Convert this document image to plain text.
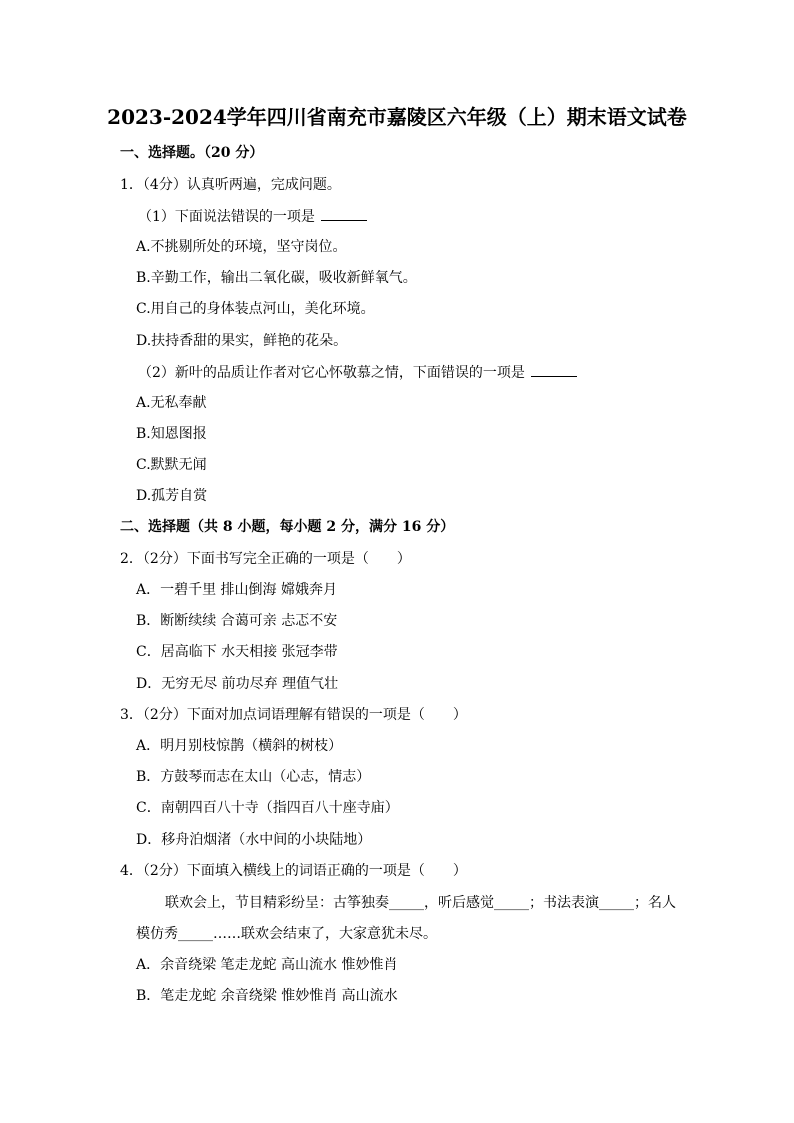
2023-2024学年四川省南充市嘉陵区六年级（上）期末语文试卷
一、选择题。（20 分）
1．（4分）认真听两遍，完成问题。
（1）下面说法错误的一项是
A.不挑剔所处的环境，坚守岗位。
B.辛勤工作，输出二氧化碳，吸收新鲜氧气。
C.用自己的身体装点河山，美化环境。
D.扶持香甜的果实，鲜艳的花朵。
（2）新叶的品质让作者对它心怀敬慕之情，下面错误的一项是
A.无私奉献
B.知恩图报
C.默默无闻
D.孤芳自赏
二、选择题（共 8 小题，每小题 2 分，满分 16 分）
2．（2分）下面书写完全正确的一项是（　　）
A．一碧千里 排山倒海 嫦娥奔月
B．断断续续 合蔼可亲 忐忑不安
C．居高临下 水天相接 张冠李带
D．无穷无尽 前功尽弃 理值气壮
3．（2分）下面对加点词语理解有错误的一项是（　　）
A．明月别枝惊鹊（横斜的树枝）
B．方鼓琴而志在太山（心志，情志）
C．南朝四百八十寺（指四百八十座寺庙）
D．移舟泊烟渚（水中间的小块陆地）
4．（2分）下面填入横线上的词语正确的一项是（　　）
联欢会上，节目精彩纷呈：古筝独奏_____，听后感觉_____；书法表演_____；名人
模仿秀_____……联欢会结束了，大家意犹未尽。
A．余音绕梁 笔走龙蛇 高山流水 惟妙惟肖
B．笔走龙蛇 余音绕梁 惟妙惟肖 高山流水
